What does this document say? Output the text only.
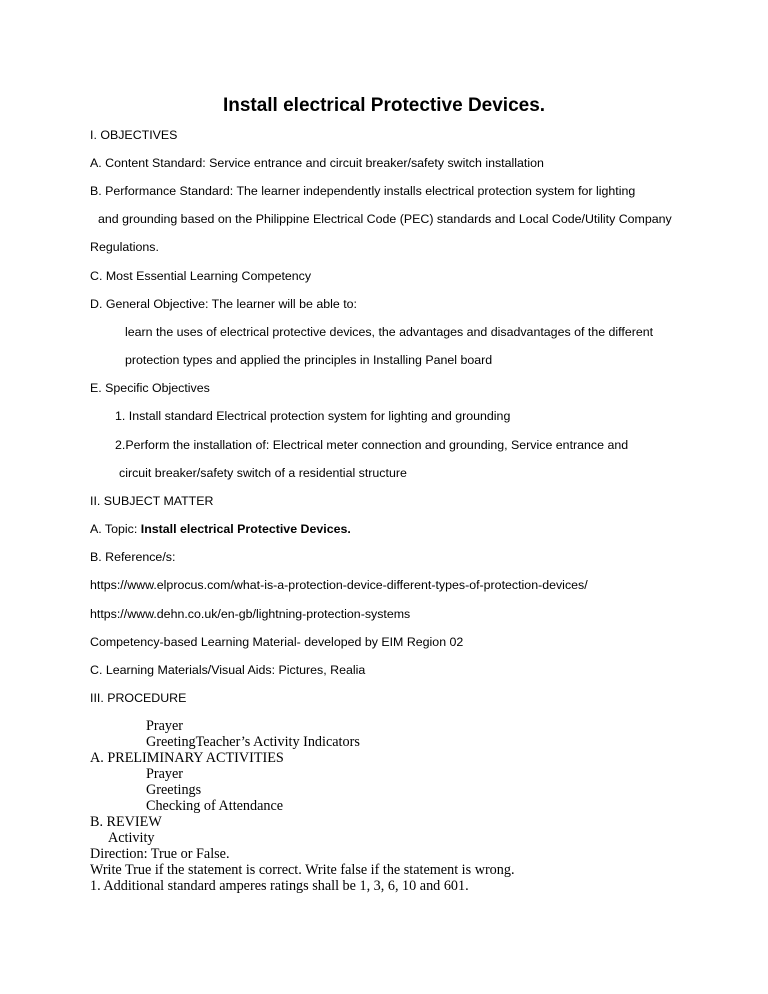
Install electrical Protective Devices.
I. OBJECTIVES
A. Content Standard: Service entrance and circuit breaker/safety switch installation
B. Performance Standard: The learner independently installs electrical protection system for lighting
and grounding based on the Philippine Electrical Code (PEC) standards and Local Code/Utility Company
Regulations.
C. Most Essential Learning Competency
D. General Objective: The learner will be able to:
learn the uses of electrical protective devices, the advantages and disadvantages of the different
protection types and applied the principles in Installing Panel board
E. Specific Objectives
1. Install standard Electrical protection system for lighting and grounding
2.Perform the installation of: Electrical meter connection and grounding, Service entrance and
circuit breaker/safety switch of a residential structure
II. SUBJECT MATTER
A. Topic: Install electrical Protective Devices.
B. Reference/s:
https://www.elprocus.com/what-is-a-protection-device-different-types-of-protection-devices/
https://www.dehn.co.uk/en-gb/lightning-protection-systems
Competency-based Learning Material- developed by EIM Region 02
C. Learning Materials/Visual Aids: Pictures, Realia
III. PROCEDURE
Prayer
GreetingTeacher’s Activity Indicators
A. PRELIMINARY ACTIVITIES
Prayer
Greetings
Checking of Attendance
B. REVIEW
Activity
Direction: True or False.
Write True if the statement is correct. Write false if the statement is wrong.
1. Additional standard amperes ratings shall be 1, 3, 6, 10 and 601.
